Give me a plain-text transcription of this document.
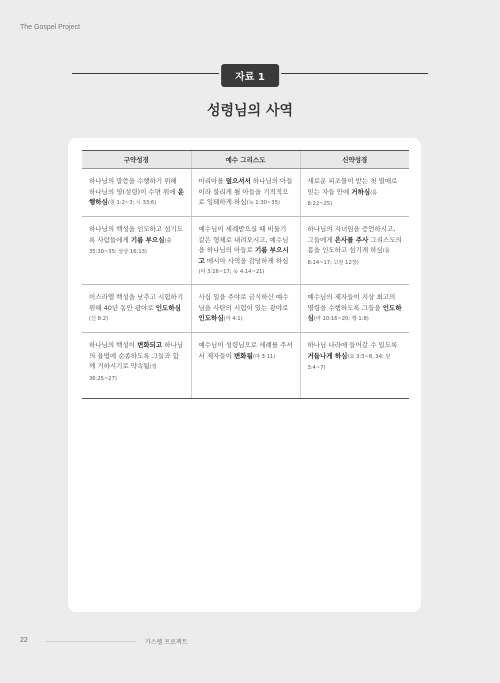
The Gospel Project
자료 1
성령님의 사역
구약성경	예수 그리스도	신약성경
하나님의 말씀을 수행하기 위해 하나님의 영(성령)이 수면 위에 운행하심(창 1:2~3; 시 33:6)	마리아를 덮으셔서 하나님의 아들이라 불리게 될 아들을 기적적으로 잉태하게 하심(눅 1:30~35)	새로운 피조물이 받는 첫 열매로 믿는 자들 안에 거하심(롬 8:22~25)
하나님의 백성을 인도하고 섬기도록 사람들에게 기름 부으심(출 35:30~35; 삼상 16:13)	예수님이 세례받으실 때 비둘기 같은 형체로 내려오시고, 예수님을 하나님의 아들로 기름 부으시고 메시아 사역을 감당하게 하심(마 3:16~17; 눅 4:14~21)	하나님의 자녀임을 증언하시고, 그들에게 은사를 주사 그리스도의 몸을 인도하고 섬기게 하심(롬 8:14~17; 고전 12장)
이스라엘 백성을 낮추고 시험하기 위해 40년 동안 광야로 인도하심(신 8:2)	사십 일을 주야로 금식하신 예수님을 사탄의 시험이 있는 광야로 인도하심(마 4:1)	예수님의 제자들이 지상 최고의 명령을 수행하도록 그들을 인도하심(마 10:16~20; 행 1:8)
하나님의 백성이 변화되고 하나님의 율법에 순종하도록 그들과 함께 거하시기로 약속됨(겔 36:25~27)	예수님이 성령님으로 세례를 주셔서 제자들이 변화됨(마 3:11)	하나님 나라에 들어갈 수 있도록 거듭나게 하심(요 3:3~8, 34; 딛 3:4~7)
22	가스펠 프로젝트
